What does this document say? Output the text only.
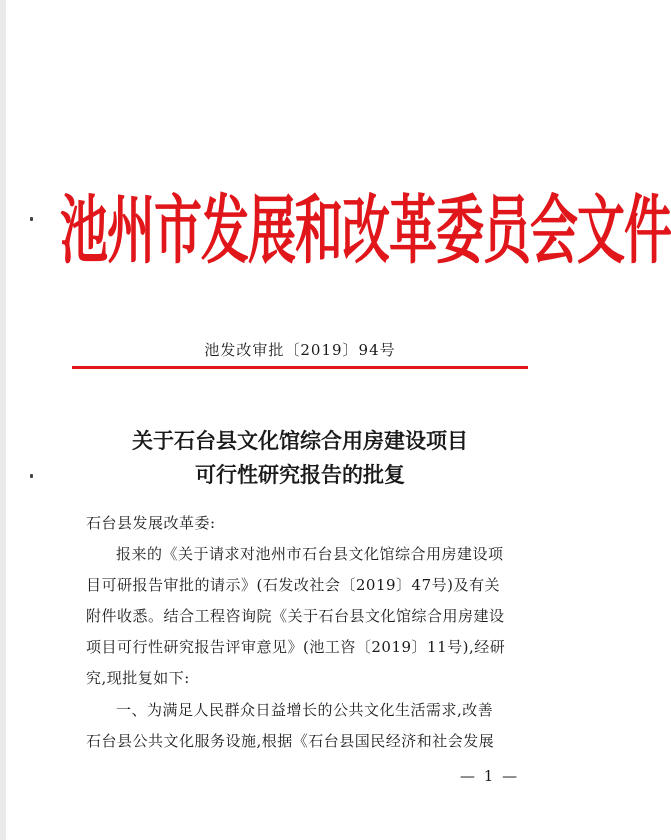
池州市发展和改革委员会文件
池发改审批〔2019〕94号
关于石台县文化馆综合用房建设项目
可行性研究报告的批复
石台县发展改革委:
报来的《关于请求对池州市石台县文化馆综合用房建设项
目可研报告审批的请示》(石发改社会〔2019〕47号)及有关
附件收悉。结合工程咨询院《关于石台县文化馆综合用房建设
项目可行性研究报告评审意见》(池工咨〔2019〕11号),经研
究,现批复如下:
一、为满足人民群众日益增长的公共文化生活需求,改善
石台县公共文化服务设施,根据《石台县国民经济和社会发展
— 1 —
